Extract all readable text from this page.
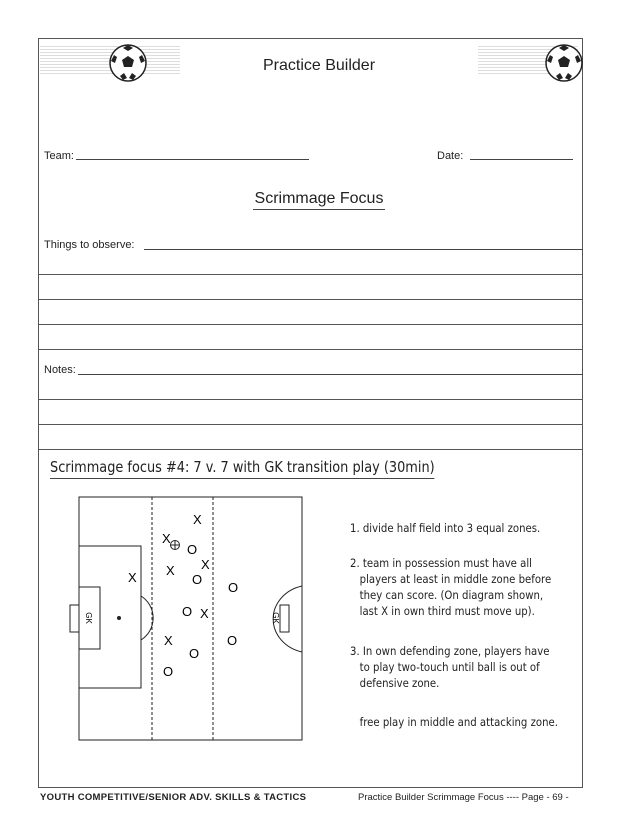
Practice Builder
Team:	Date:
Scrimmage Focus
Things to observe:
Notes:
Scrimmage focus #4: 7 v. 7 with GK transition play (30min)
GK	GK
X
X
X
X
X
X
X
O
O
O
O
O
O
O
1. divide half field into 3 equal zones.
2. team in possession must have all
players at least in middle zone before
they can score. (On diagram shown,
last X in own third must move up).
3. In own defending zone, players have
to play two-touch until ball is out of
defensive zone.
free play in middle and attacking zone.
YOUTH COMPETITIVE/SENIOR ADV. SKILLS & TACTICS	Practice Builder Scrimmage Focus ---- Page - 69 -
